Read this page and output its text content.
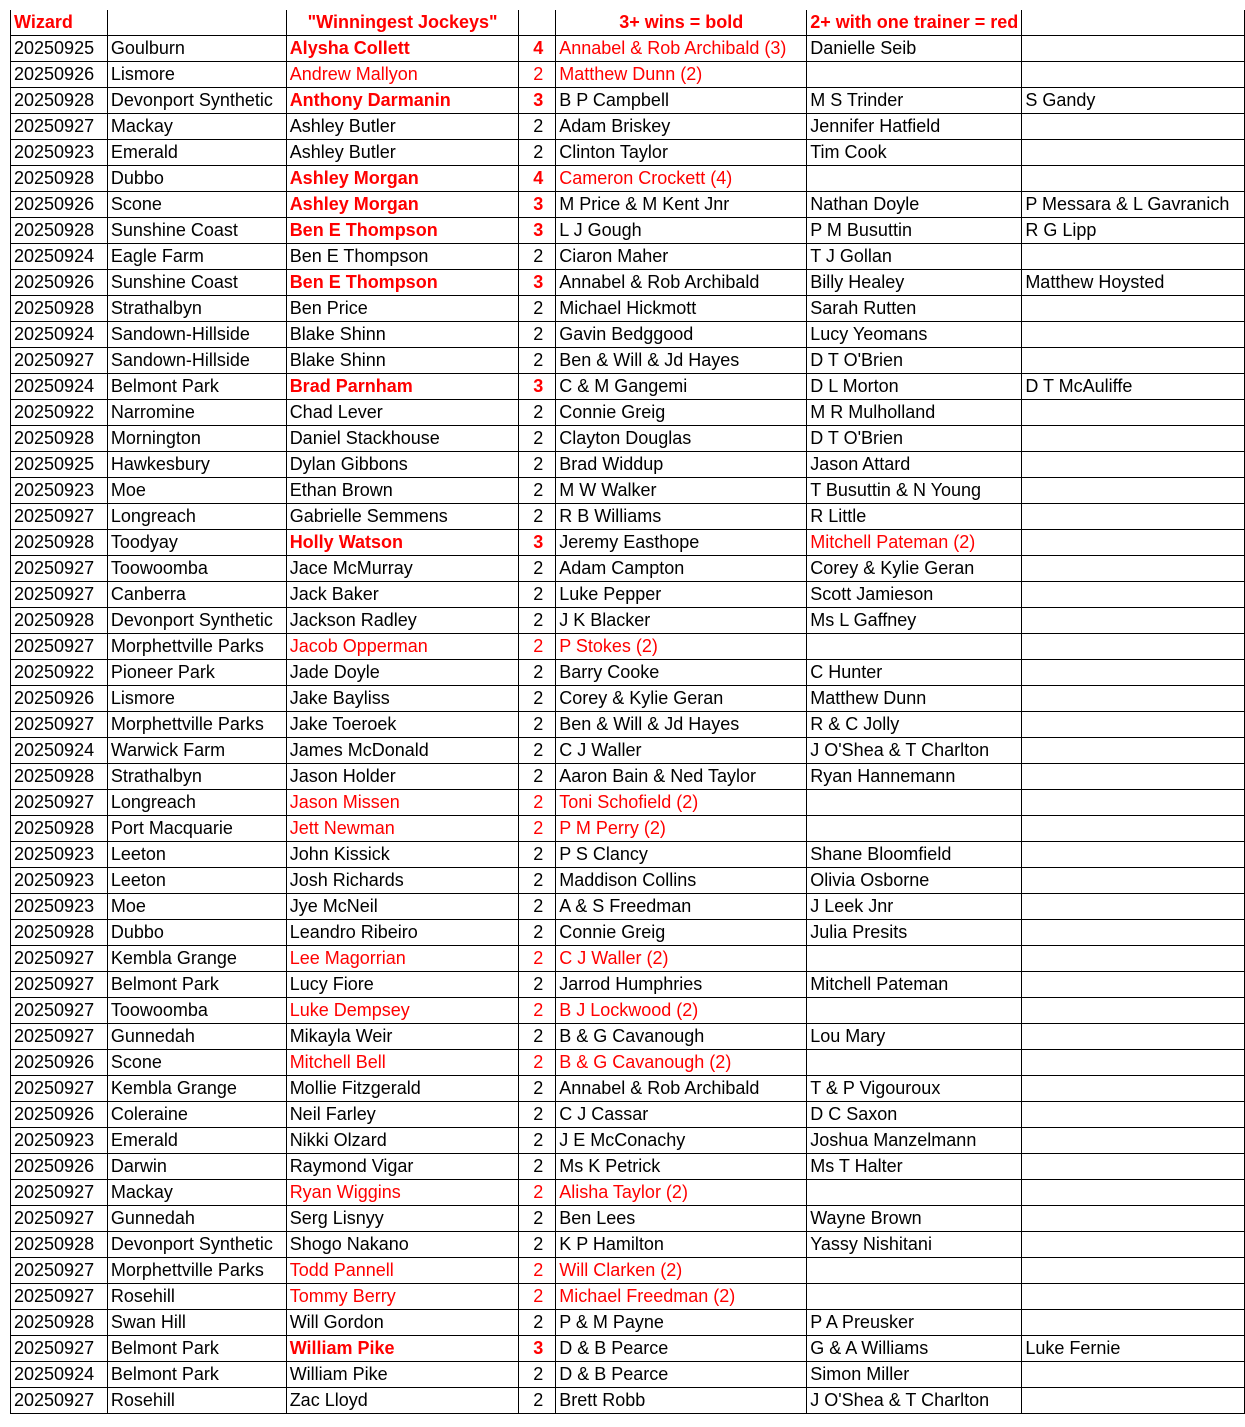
Wizard		"Winningest Jockeys"		3+ wins = bold	2+ with one trainer = red	
20250925	Goulburn	Alysha Collett	4	Annabel & Rob Archibald (3)	Danielle Seib	
20250926	Lismore	Andrew Mallyon	2	Matthew Dunn (2)		
20250928	Devonport Synthetic	Anthony Darmanin	3	B P Campbell	M S Trinder	S Gandy
20250927	Mackay	Ashley Butler	2	Adam Briskey	Jennifer Hatfield	
20250923	Emerald	Ashley Butler	2	Clinton Taylor	Tim Cook	
20250928	Dubbo	Ashley Morgan	4	Cameron Crockett (4)		
20250926	Scone	Ashley Morgan	3	M Price & M Kent Jnr	Nathan Doyle	P Messara & L Gavranich
20250928	Sunshine Coast	Ben E Thompson	3	L J Gough	P M Busuttin	R G Lipp
20250924	Eagle Farm	Ben E Thompson	2	Ciaron Maher	T J Gollan	
20250926	Sunshine Coast	Ben E Thompson	3	Annabel & Rob Archibald	Billy Healey	Matthew Hoysted
20250928	Strathalbyn	Ben Price	2	Michael Hickmott	Sarah Rutten	
20250924	Sandown-Hillside	Blake Shinn	2	Gavin Bedggood	Lucy Yeomans	
20250927	Sandown-Hillside	Blake Shinn	2	Ben & Will & Jd Hayes	D T O'Brien	
20250924	Belmont Park	Brad Parnham	3	C & M Gangemi	D L Morton	D T McAuliffe
20250922	Narromine	Chad Lever	2	Connie Greig	M R Mulholland	
20250928	Mornington	Daniel Stackhouse	2	Clayton Douglas	D T O'Brien	
20250925	Hawkesbury	Dylan Gibbons	2	Brad Widdup	Jason Attard	
20250923	Moe	Ethan Brown	2	M W Walker	T Busuttin & N Young	
20250927	Longreach	Gabrielle Semmens	2	R B Williams	R Little	
20250928	Toodyay	Holly Watson	3	Jeremy Easthope	Mitchell Pateman (2)	
20250927	Toowoomba	Jace McMurray	2	Adam Campton	Corey & Kylie Geran	
20250927	Canberra	Jack Baker	2	Luke Pepper	Scott Jamieson	
20250928	Devonport Synthetic	Jackson Radley	2	J K Blacker	Ms L Gaffney	
20250927	Morphettville Parks	Jacob Opperman	2	P Stokes (2)		
20250922	Pioneer Park	Jade Doyle	2	Barry Cooke	C Hunter	
20250926	Lismore	Jake Bayliss	2	Corey & Kylie Geran	Matthew Dunn	
20250927	Morphettville Parks	Jake Toeroek	2	Ben & Will & Jd Hayes	R & C Jolly	
20250924	Warwick Farm	James McDonald	2	C J Waller	J O'Shea & T Charlton	
20250928	Strathalbyn	Jason Holder	2	Aaron Bain & Ned Taylor	Ryan Hannemann	
20250927	Longreach	Jason Missen	2	Toni Schofield (2)		
20250928	Port Macquarie	Jett Newman	2	P M Perry (2)		
20250923	Leeton	John Kissick	2	P S Clancy	Shane Bloomfield	
20250923	Leeton	Josh Richards	2	Maddison Collins	Olivia Osborne	
20250923	Moe	Jye McNeil	2	A & S Freedman	J Leek Jnr	
20250928	Dubbo	Leandro Ribeiro	2	Connie Greig	Julia Presits	
20250927	Kembla Grange	Lee Magorrian	2	C J Waller (2)		
20250927	Belmont Park	Lucy Fiore	2	Jarrod Humphries	Mitchell Pateman	
20250927	Toowoomba	Luke Dempsey	2	B J Lockwood (2)		
20250927	Gunnedah	Mikayla Weir	2	B & G Cavanough	Lou Mary	
20250926	Scone	Mitchell Bell	2	B & G Cavanough (2)		
20250927	Kembla Grange	Mollie Fitzgerald	2	Annabel & Rob Archibald	T & P Vigouroux	
20250926	Coleraine	Neil Farley	2	C J Cassar	D C Saxon	
20250923	Emerald	Nikki Olzard	2	J E McConachy	Joshua Manzelmann	
20250926	Darwin	Raymond Vigar	2	Ms K Petrick	Ms T Halter	
20250927	Mackay	Ryan Wiggins	2	Alisha Taylor (2)		
20250927	Gunnedah	Serg Lisnyy	2	Ben Lees	Wayne Brown	
20250928	Devonport Synthetic	Shogo Nakano	2	K P Hamilton	Yassy Nishitani	
20250927	Morphettville Parks	Todd Pannell	2	Will Clarken (2)		
20250927	Rosehill	Tommy Berry	2	Michael Freedman (2)		
20250928	Swan Hill	Will Gordon	2	P & M Payne	P A Preusker	
20250927	Belmont Park	William Pike	3	D & B Pearce	G & A Williams	Luke Fernie
20250924	Belmont Park	William Pike	2	D & B Pearce	Simon Miller	
20250927	Rosehill	Zac Lloyd	2	Brett Robb	J O'Shea & T Charlton	
